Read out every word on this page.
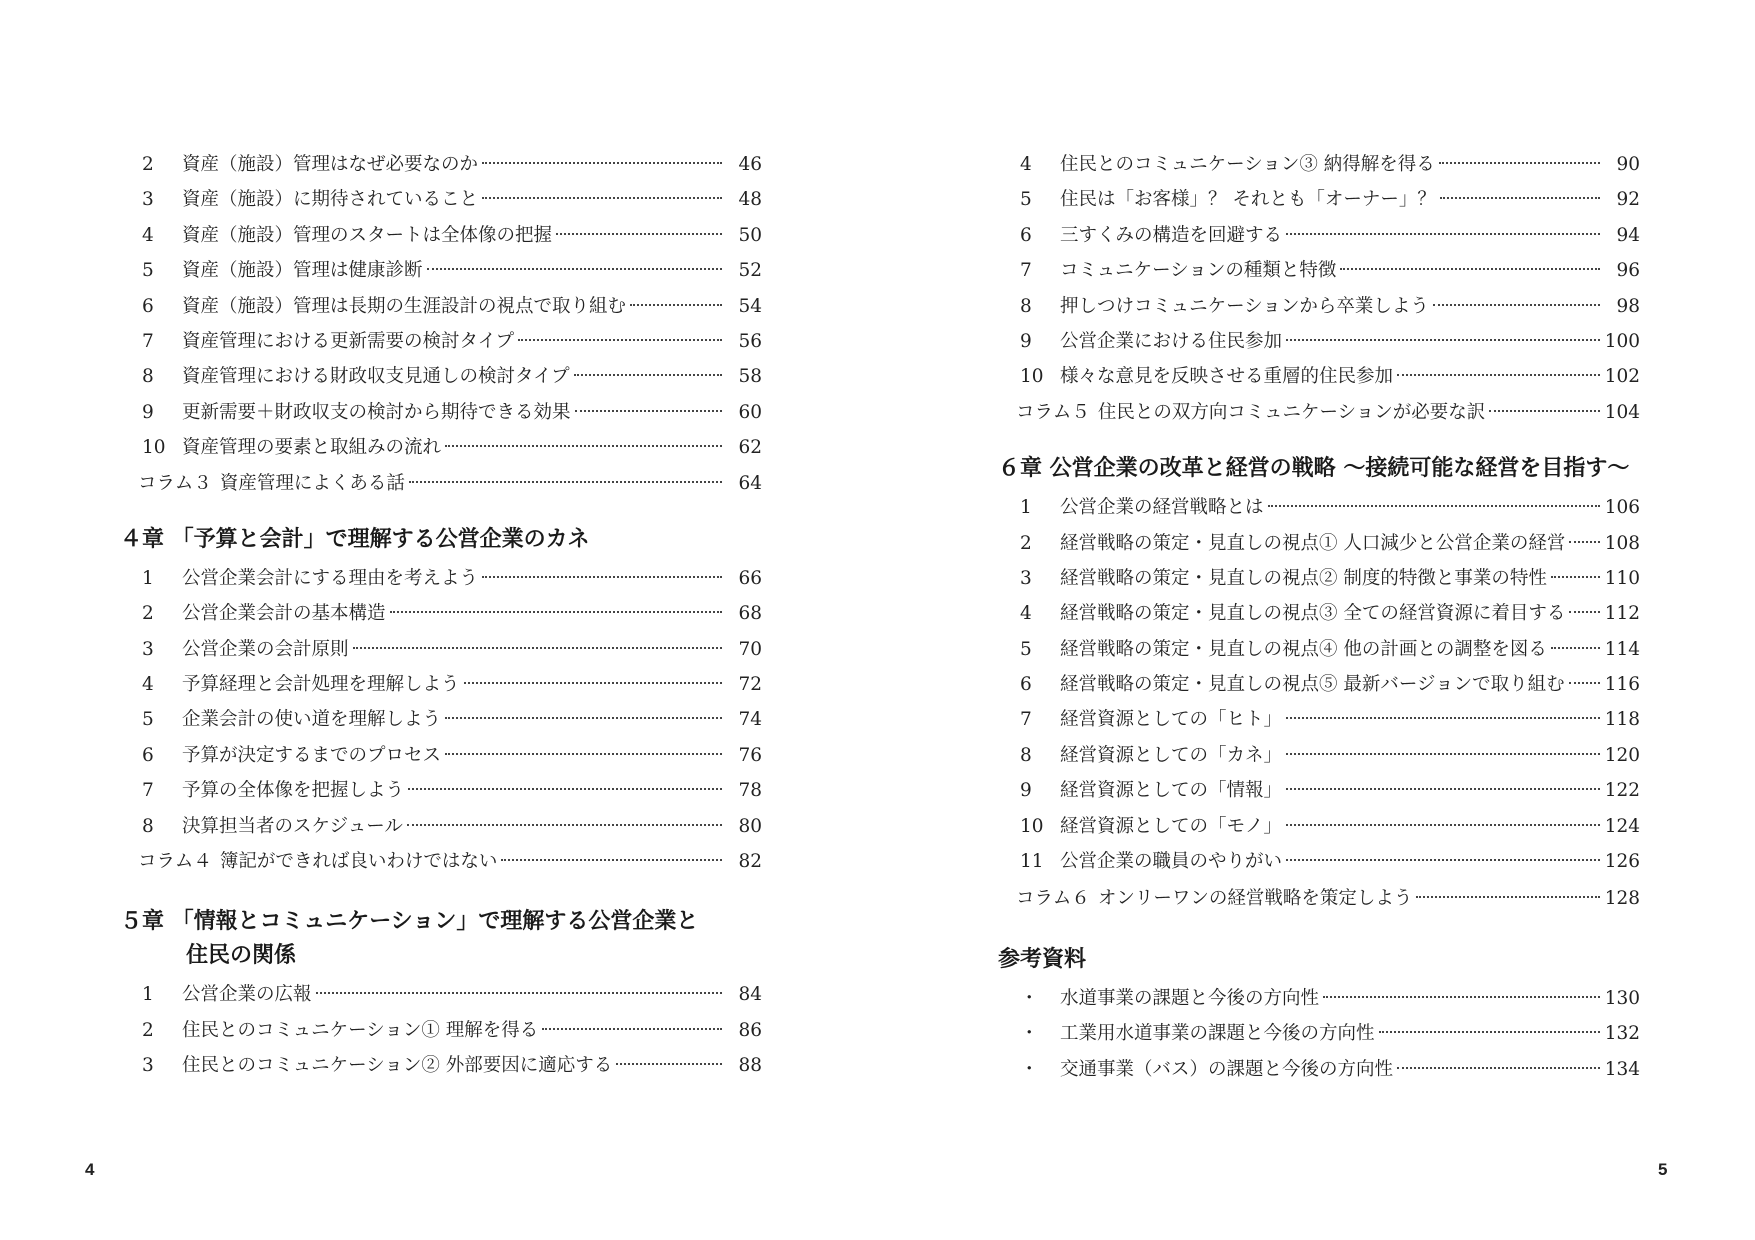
2	資産（施設）管理はなぜ必要なのか	46
3	資産（施設）に期待されていること	48
4	資産（施設）管理のスタートは全体像の把握	50
5	資産（施設）管理は健康診断	52
6	資産（施設）管理は長期の生涯設計の視点で取り組む	54
7	資産管理における更新需要の検討タイプ	56
8	資産管理における財政収支見通しの検討タイプ	58
9	更新需要＋財政収支の検討から期待できる効果	60
10 資産管理の要素と取組みの流れ	62
コラム３ 資産管理によくある話	64
４章 「予算と会計」で理解する公営企業のカネ
1	公営企業会計にする理由を考えよう	66
2	公営企業会計の基本構造	68
3	公営企業の会計原則	70
4	予算経理と会計処理を理解しよう	72
5	企業会計の使い道を理解しよう	74
6	予算が決定するまでのプロセス	76
7	予算の全体像を把握しよう	78
8	決算担当者のスケジュール	80
コラム４ 簿記ができれば良いわけではない	82
５章 「情報とコミュニケーション」で理解する公営企業と
住民の関係
1	公営企業の広報	84
2	住民とのコミュニケーション① 理解を得る	86
3	住民とのコミュニケーション② 外部要因に適応する	88
4	住民とのコミュニケーション③ 納得解を得る	90
5	住民は「お客様」？ それとも「オーナー」？	92
6	三すくみの構造を回避する	94
7	コミュニケーションの種類と特徴	96
8	押しつけコミュニケーションから卒業しよう	98
9	公営企業における住民参加	100
10 様々な意見を反映させる重層的住民参加	102
コラム５ 住民との双方向コミュニケーションが必要な訳	104
６章 公営企業の改革と経営の戦略 ～接続可能な経営を目指す～
1	公営企業の経営戦略とは	106
2	経営戦略の策定・見直しの視点① 人口減少と公営企業の経営 108
3	経営戦略の策定・見直しの視点② 制度的特徴と事業の特性	110
4	経営戦略の策定・見直しの視点③ 全ての経営資源に着目する 112
5	経営戦略の策定・見直しの視点④ 他の計画との調整を図る	114
6	経営戦略の策定・見直しの視点⑤ 最新バージョンで取り組む 116
7	経営資源としての「ヒト」	118
8	経営資源としての「カネ」	120
9	経営資源としての「情報」	122
10 経営資源としての「モノ」	124
11 公営企業の職員のやりがい	126
コラム６ オンリーワンの経営戦略を策定しよう	128
参考資料
・	水道事業の課題と今後の方向性	130
・	工業用水道事業の課題と今後の方向性	132
・	交通事業（バス）の課題と今後の方向性	134
4	5
